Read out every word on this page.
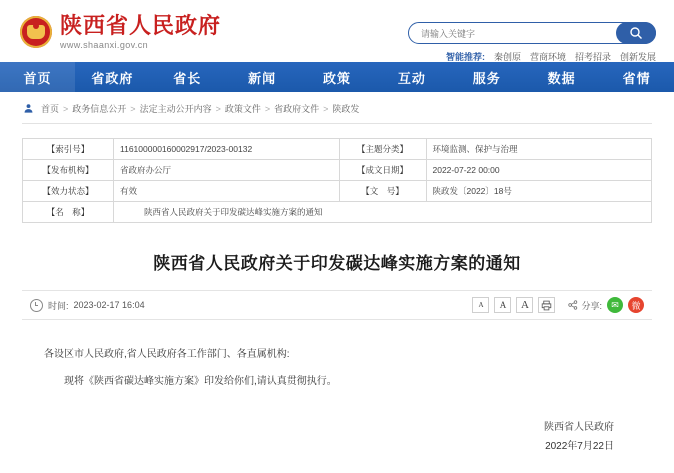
陕西省人民政府
www.shaanxi.gov.cn
请输入关键字
智能推荐: 秦创原 营商环境 招考招录 创新发展
首页	省政府	省长	新闻	政策	互动	服务	数据	省情
首页 > 政务信息公开 > 法定主动公开内容 > 政策文件 > 省政府文件 > 陕政发
【索引号】	116100000160002917/2023-00132	【主题分类】	环境监测、保护与治理
【发布机构】	省政府办公厅	【成文日期】	2022-07-22 00:00
【效力状态】	有效	【文　号】	陕政发〔2022〕18号
【名　称】	陕西省人民政府关于印发碳达峰实施方案的通知		
陕西省人民政府关于印发碳达峰实施方案的通知
时间: 2023-02-17 16:04	A	A	A	分享:	✉	微

各设区市人民政府,省人民政府各工作部门、各直属机构:

现将《陕西省碳达峰实施方案》印发给你们,请认真贯彻执行。

陕西省人民政府
2022年7月22日
